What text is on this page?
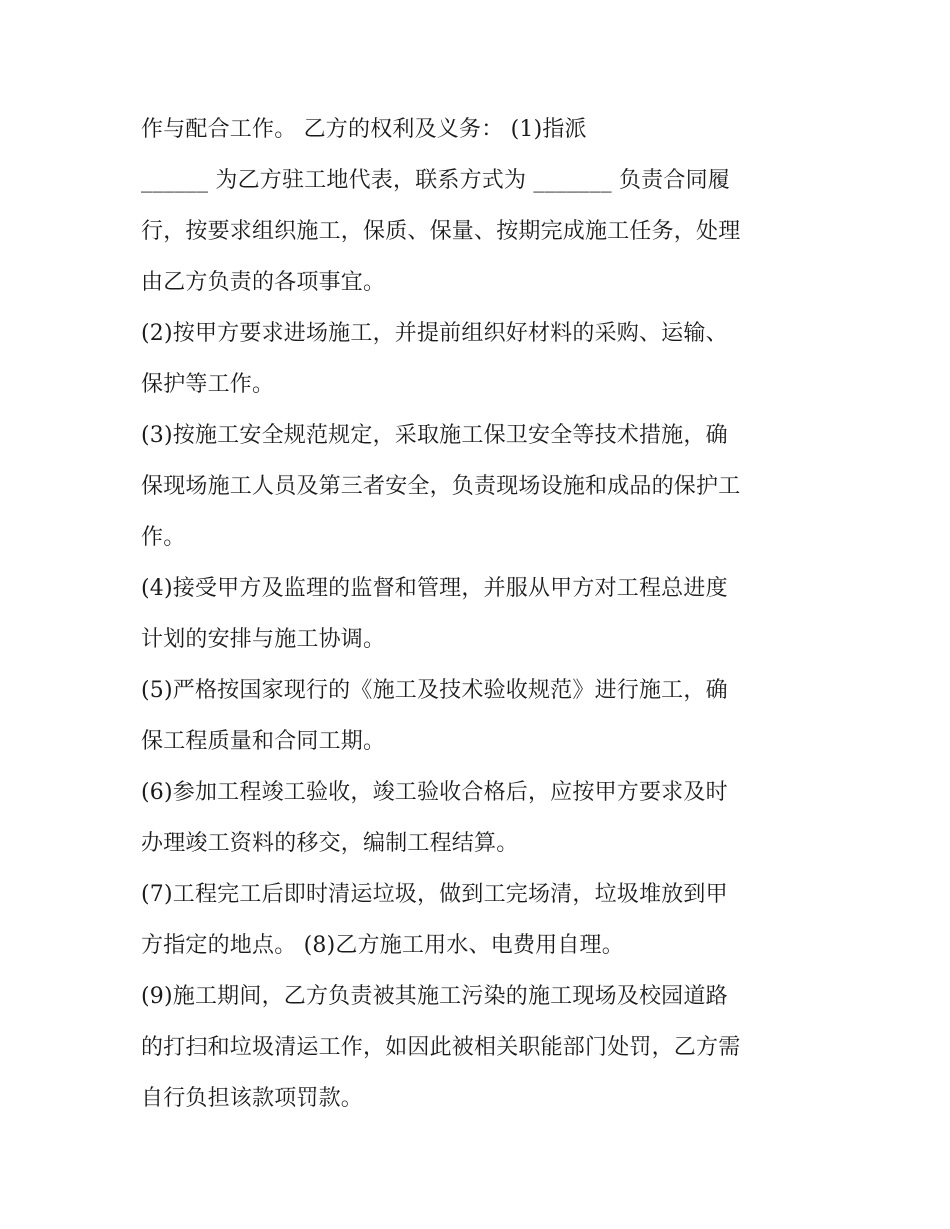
作与配合工作。 乙方的权利及义务： (1)指派
______ 为乙方驻工地代表，联系方式为 _______ 负责合同履
行，按要求组织施工，保质、保量、按期完成施工任务，处理
由乙方负责的各项事宜。
(2)按甲方要求进场施工，并提前组织好材料的采购、运输、
保护等工作。
(3)按施工安全规范规定，采取施工保卫安全等技术措施，确
保现场施工人员及第三者安全，负责现场设施和成品的保护工
作。
(4)接受甲方及监理的监督和管理，并服从甲方对工程总进度
计划的安排与施工协调。
(5)严格按国家现行的《施工及技术验收规范》进行施工，确
保工程质量和合同工期。
(6)参加工程竣工验收，竣工验收合格后，应按甲方要求及时
办理竣工资料的移交，编制工程结算。
(7)工程完工后即时清运垃圾，做到工完场清，垃圾堆放到甲
方指定的地点。 (8)乙方施工用水、电费用自理。
(9)施工期间，乙方负责被其施工污染的施工现场及校园道路
的打扫和垃圾清运工作，如因此被相关职能部门处罚，乙方需
自行负担该款项罚款。
